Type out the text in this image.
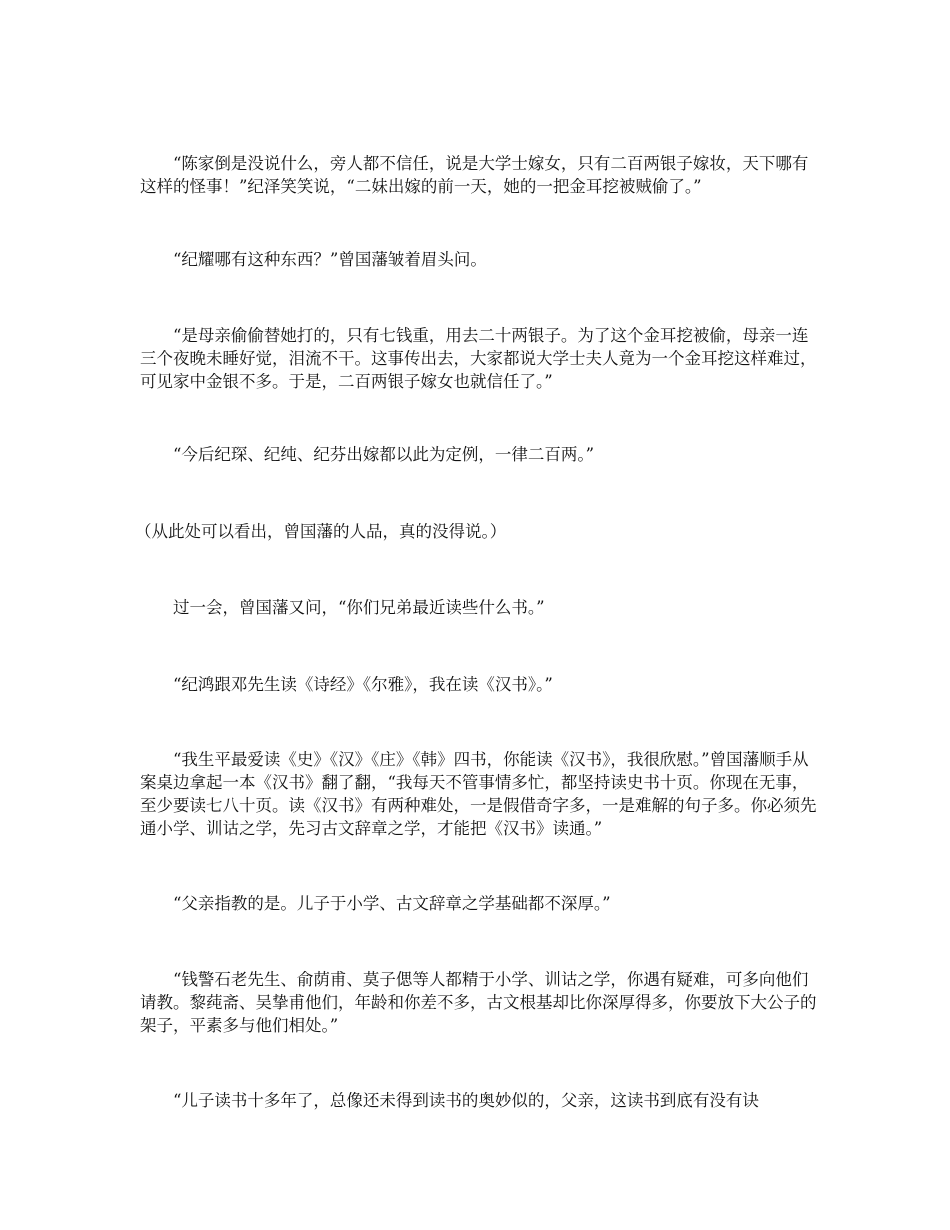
　　“陈家倒是没说什么，旁人都不信任，说是大学士嫁女，只有二百两银子嫁妆，天下哪有这样的怪事！”纪泽笑笑说，“二妹出嫁的前一天，她的一把金耳挖被贼偷了。”

　　“纪耀哪有这种东西？”曾国藩皱着眉头问。

　　“是母亲偷偷替她打的，只有七钱重，用去二十两银子。为了这个金耳挖被偷，母亲一连三个夜晚未睡好觉，泪流不干。这事传出去，大家都说大学士夫人竟为一个金耳挖这样难过，可见家中金银不多。于是，二百两银子嫁女也就信任了。”

　　“今后纪琛、纪纯、纪芬出嫁都以此为定例，一律二百两。”

（从此处可以看出，曾国藩的人品，真的没得说。）

　　过一会，曾国藩又问，“你们兄弟最近读些什么书。”

　　“纪鸿跟邓先生读《诗经》《尔雅》，我在读《汉书》。”

　　“我生平最爱读《史》《汉》《庄》《韩》四书，你能读《汉书》，我很欣慰。”曾国藩顺手从案桌边拿起一本《汉书》翻了翻，“我每天不管事情多忙，都坚持读史书十页。你现在无事，至少要读七八十页。读《汉书》有两种难处，一是假借奇字多，一是难解的句子多。你必须先通小学、训诂之学，先习古文辞章之学，才能把《汉书》读通。”

　　“父亲指教的是。儿子于小学、古文辞章之学基础都不深厚。”

　　“钱警石老先生、俞荫甫、莫子偲等人都精于小学、训诂之学，你遇有疑难，可多向他们请教。黎莼斋、吴挚甫他们，年龄和你差不多，古文根基却比你深厚得多，你要放下大公子的架子，平素多与他们相处。”

　　“儿子读书十多年了，总像还未得到读书的奥妙似的，父亲，这读书到底有没有诀
